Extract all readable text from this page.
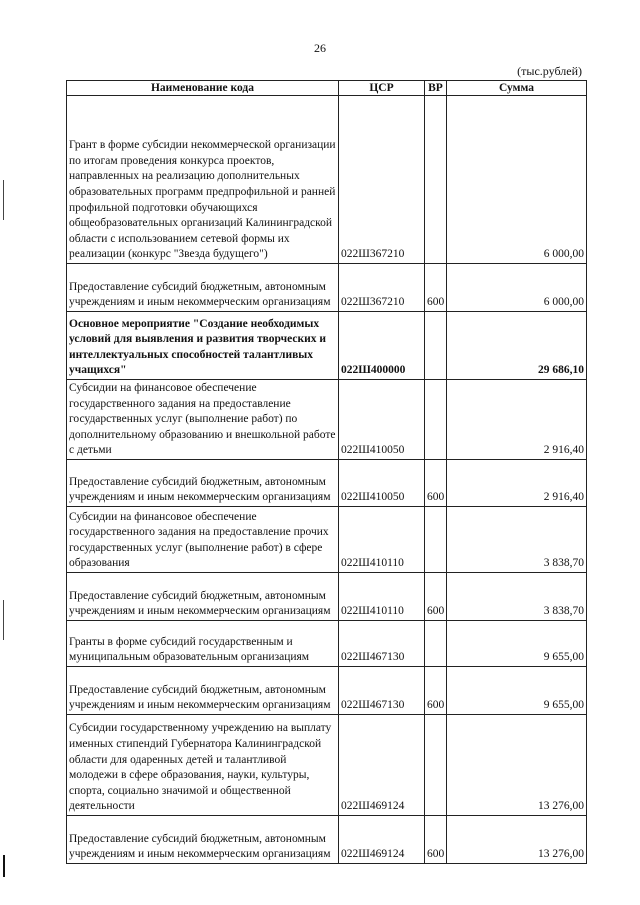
26
(тыс.рублей)
Наименование кода	ЦСР	ВР	Сумма
Грант в форме субсидии некоммерческой организации по итогам проведения конкурса проектов, направленных на реализацию дополнительных образовательных программ предпрофильной и ранней профильной подготовки обучающихся общеобразовательных организаций Калининградской области с использованием сетевой формы их реализации (конкурс "Звезда будущего")	022Ш367210		6 000,00
Предоставление субсидий бюджетным, автономным учреждениям и иным некоммерческим организациям	022Ш367210	600	6 000,00
Основное мероприятие "Создание необходимых условий для выявления и развития творческих и интеллектуальных способностей талантливых учащихся"	022Ш400000		29 686,10
Субсидии на финансовое обеспечение государственного задания на предоставление государственных услуг (выполнение работ) по дополнительному образованию и внешкольной работе с детьми	022Ш410050		2 916,40
Предоставление субсидий бюджетным, автономным учреждениям и иным некоммерческим организациям	022Ш410050	600	2 916,40
Субсидии на финансовое обеспечение государственного задания на предоставление прочих государственных услуг (выполнение работ) в сфере образования	022Ш410110		3 838,70
Предоставление субсидий бюджетным, автономным учреждениям и иным некоммерческим организациям	022Ш410110	600	3 838,70
Гранты в форме субсидий государственным и муниципальным образовательным организациям	022Ш467130		9 655,00
Предоставление субсидий бюджетным, автономным учреждениям и иным некоммерческим организациям	022Ш467130	600	9 655,00
Субсидии государственному учреждению на выплату именных стипендий Губернатора Калининградской области для одаренных детей и талантливой молодежи в сфере образования, науки, культуры, спорта, социально значимой и общественной деятельности	022Ш469124		13 276,00
Предоставление субсидий бюджетным, автономным учреждениям и иным некоммерческим организациям	022Ш469124	600	13 276,00
